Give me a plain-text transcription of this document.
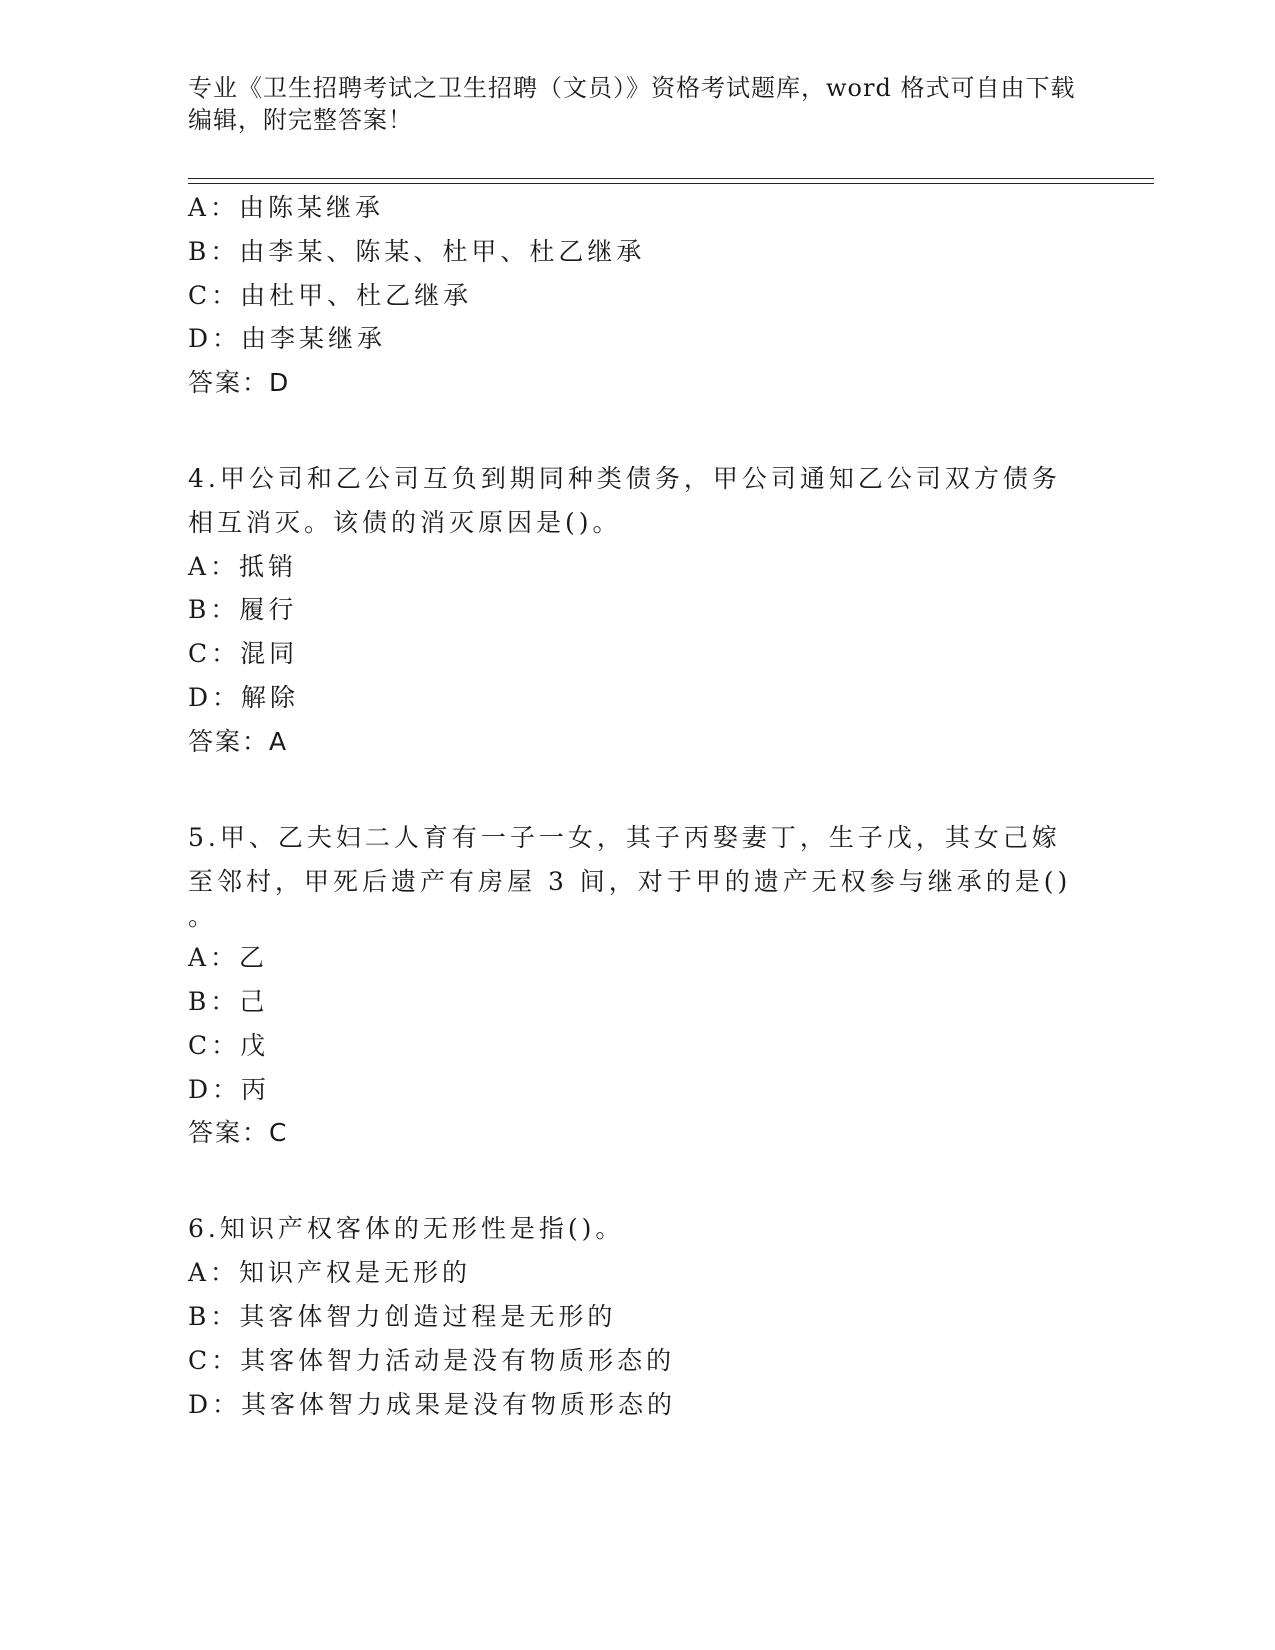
专业《卫生招聘考试之卫生招聘（文员）》资格考试题库，word 格式可自由下载
编辑，附完整答案！
A：由陈某继承
B：由李某、陈某、杜甲、杜乙继承
C：由杜甲、杜乙继承
D：由李某继承
答案：D
4.甲公司和乙公司互负到期同种类债务，甲公司通知乙公司双方债务
相互消灭。该债的消灭原因是()。
A：抵销
B：履行
C：混同
D：解除
答案：A
5.甲、乙夫妇二人育有一子一女，其子丙娶妻丁，生子戊，其女己嫁
至邻村，甲死后遗产有房屋 3 间，对于甲的遗产无权参与继承的是()
。
A：乙
B：己
C：戊
D：丙
答案：C
6.知识产权客体的无形性是指()。
A：知识产权是无形的
B：其客体智力创造过程是无形的
C：其客体智力活动是没有物质形态的
D：其客体智力成果是没有物质形态的
